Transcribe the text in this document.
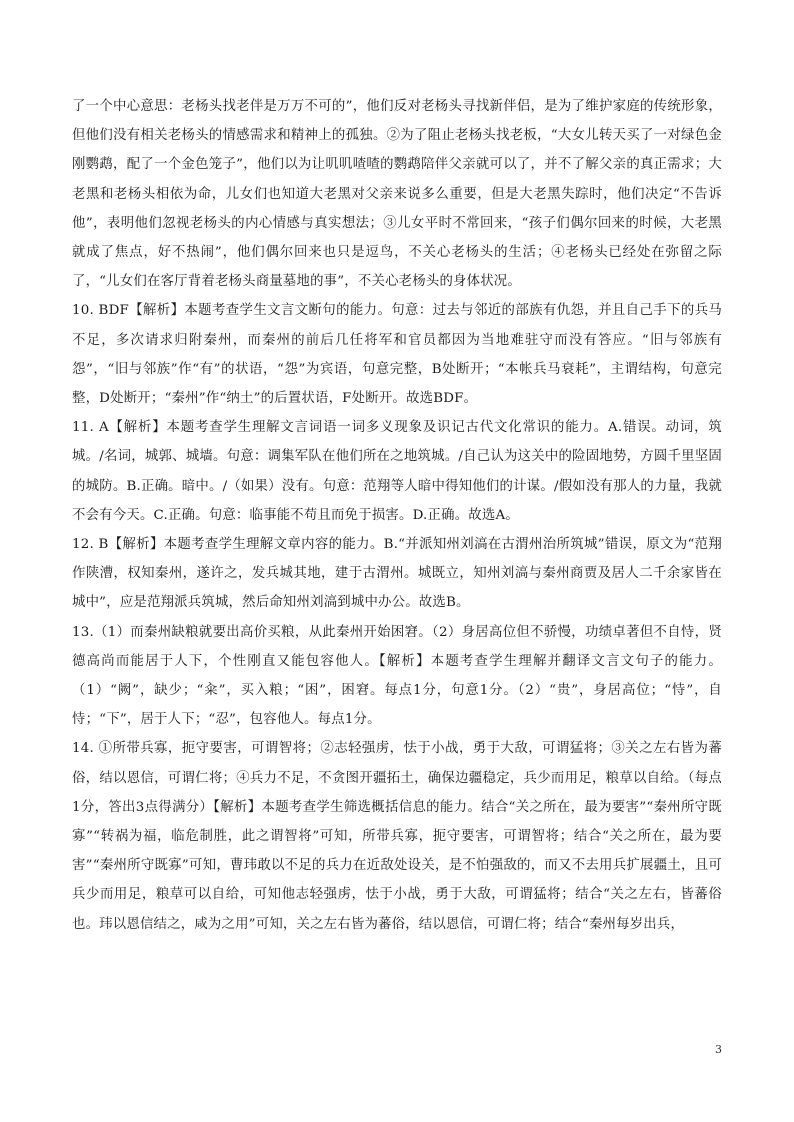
了一个中心意思：老杨头找老伴是万万不可的”，他们反对老杨头寻找新伴侣，是为了维护家庭的传统形象，但他们没有相关老杨头的情感需求和精神上的孤独。②为了阻止老杨头找老板，“大女儿转天买了一对绿色金刚鹦鹉，配了一个金色笼子”，他们以为让叽叽喳喳的鹦鹉陪伴父亲就可以了，并不了解父亲的真正需求；大老黑和老杨头相依为命，儿女们也知道大老黑对父亲来说多么重要，但是大老黑失踪时，他们决定“不告诉他”，表明他们忽视老杨头的内心情感与真实想法；③儿女平时不常回来，“孩子们偶尔回来的时候，大老黑就成了焦点，好不热闹”，他们偶尔回来也只是逗鸟，不关心老杨头的生活；④老杨头已经处在弥留之际了，“儿女们在客厅背着老杨头商量墓地的事”，不关心老杨头的身体状况。

10. BDF【解析】本题考查学生文言文断句的能力。句意：过去与邻近的部族有仇怨，并且自己手下的兵马不足，多次请求归附秦州，而秦州的前后几任将军和官员都因为当地难驻守而没有答应。“旧与邻族有怨”，“旧与邻族”作“有”的状语，“怨”为宾语，句意完整，B处断开；“本帐兵马衰耗”，主谓结构，句意完整，D处断开；“秦州”作“纳土”的后置状语，F处断开。故选BDF。

11. A【解析】本题考查学生理解文言词语一词多义现象及识记古代文化常识的能力。A.错误。动词，筑城。/名词，城郭、城墙。句意：调集军队在他们所在之地筑城。/自己认为这关中的险固地势，方圆千里坚固的城防。B.正确。暗中。/（如果）没有。句意：范翔等人暗中得知他们的计谋。/假如没有那人的力量，我就不会有今天。C.正确。句意：临事能不苟且而免于损害。D.正确。故选A。

12. B【解析】本题考查学生理解文章内容的能力。B.“并派知州刘滈在古渭州治所筑城”错误，原文为“范翔作陕漕，权知秦州，遂许之，发兵城其地，建于古渭州。城既立，知州刘滈与秦州商贾及居人二千余家皆在城中”，应是范翔派兵筑城，然后命知州刘滈到城中办公。故选B。

13.（1）而秦州缺粮就要出高价买粮，从此秦州开始困窘。（2）身居高位但不骄慢，功绩卓著但不自恃，贤德高尚而能居于人下，个性刚直又能包容他人。【解析】本题考查学生理解并翻译文言文句子的能力。（1）“阙”，缺少；“籴”，买入粮；“困”，困窘。每点1分，句意1分。（2）“贵”，身居高位；“恃”，自恃；“下”，居于人下；“忍”，包容他人。每点1分。

14. ①所带兵寡，扼守要害，可谓智将；②志轻强虏，怯于小战，勇于大敌，可谓猛将；③关之左右皆为蕃俗，结以恩信，可谓仁将；④兵力不足，不贪图开疆拓土，确保边疆稳定，兵少而用足，粮草以自给。（每点1分，答出3点得满分）【解析】本题考查学生筛选概括信息的能力。结合“关之所在，最为要害”“秦州所守既寡”“转祸为福，临危制胜，此之谓智将”可知，所带兵寡，扼守要害，可谓智将；结合“关之所在，最为要害”“秦州所守既寡”可知，曹玮敢以不足的兵力在近敌处设关，是不怕强敌的，而又不去用兵扩展疆土，且可兵少而用足，粮草可以自给，可知他志轻强虏，怯于小战，勇于大敌，可谓猛将；结合“关之左右，皆蕃俗也。玮以恩信结之，咸为之用”可知，关之左右皆为蕃俗，结以恩信，可谓仁将；结合“秦州每岁出兵，

3
